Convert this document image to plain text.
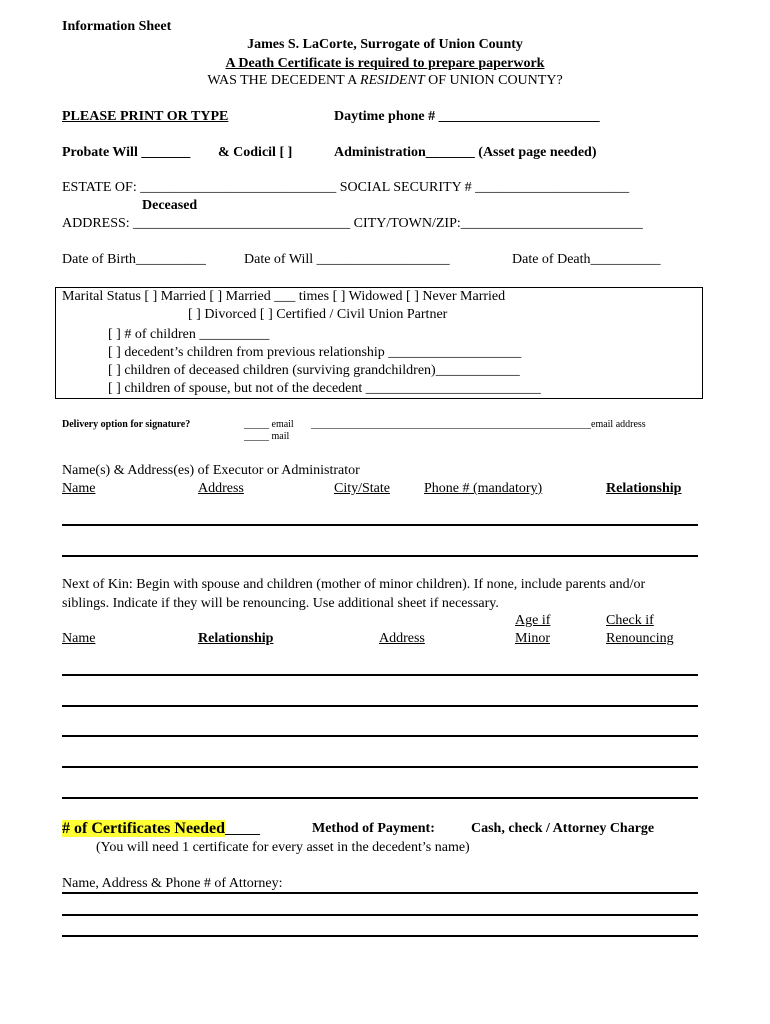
Information Sheet
James S. LaCorte, Surrogate of Union County
A Death Certificate is required to prepare paperwork
WAS THE DECEDENT A RESIDENT OF UNION COUNTY?
PLEASE PRINT OR TYPE	Daytime phone # _______________________
Probate Will _______ & Codicil [ ]	Administration_______ (Asset page needed)
ESTATE OF: ____________________________ SOCIAL SECURITY # ______________________
Deceased
ADDRESS: _______________________________ CITY/TOWN/ZIP:__________________________
Date of Birth__________	Date of Will ___________________	Date of Death__________
Marital Status [ ] Married [ ] Married ___ times [ ] Widowed [ ] Never Married
[ ] Divorced [ ] Certified / Civil Union Partner
[ ] # of children __________
[ ] decedent’s children from previous relationship ___________________
[ ] children of deceased children (surviving grandchildren)____________
[ ] children of spouse, but not of the decedent _________________________
Delivery option for signature?	_____ email
_____ mail
________________________________________________________email address
Name(s) & Address(es) of Executor or Administrator
Name	Address	City/State Phone # (mandatory)	Relationship
Next of Kin: Begin with spouse and children (mother of minor children). If none, include parents and/or
siblings. Indicate if they will be renouncing. Use additional sheet if necessary.
Age if	Check if
Name	Relationship	Address	Minor	Renouncing
# of Certificates Needed_____	Method of Payment:	Cash, check / Attorney Charge
(You will need 1 certificate for every asset in the decedent’s name)
Name, Address & Phone # of Attorney:
